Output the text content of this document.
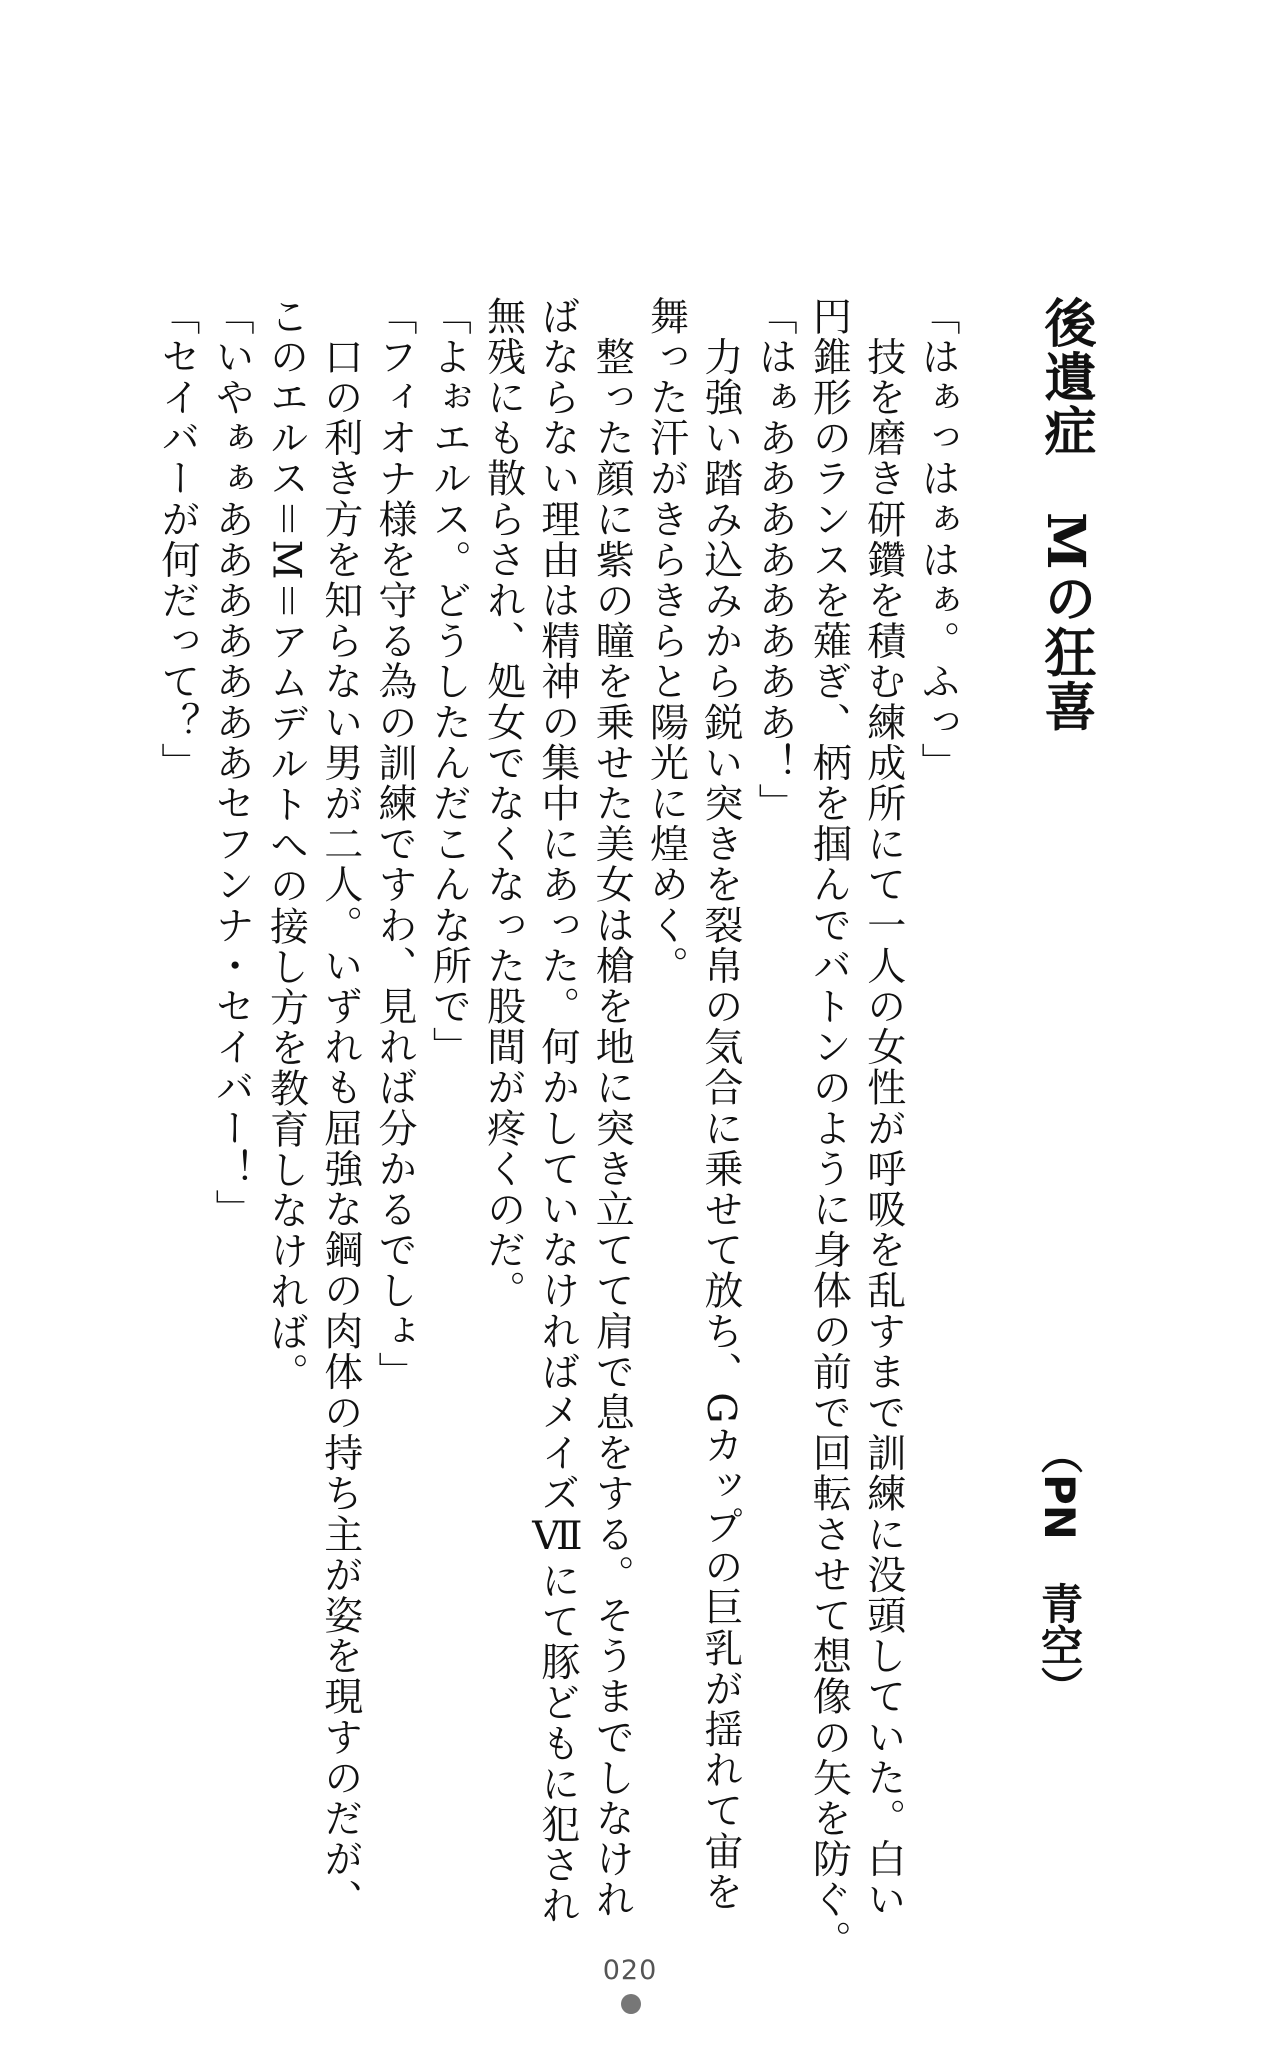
後遺症　Mの狂喜
（PN　青空）
「はぁっはぁはぁ。ふっ」
　技を磨き研鑽を積む練成所にて一人の女性が呼吸を乱すまで訓練に没頭していた。白い
円錐形のランスを薙ぎ、柄を掴んでバトンのように身体の前で回転させて想像の矢を防ぐ。
「はぁああああああああ！」
　力強い踏み込みから鋭い突きを裂帛の気合に乗せて放ち、Gカップの巨乳が揺れて宙を
舞った汗がきらきらと陽光に煌めく。
　整った顔に紫の瞳を乗せた美女は槍を地に突き立てて肩で息をする。そうまでしなけれ
ばならない理由は精神の集中にあった。何かしていなければメイズⅦにて豚どもに犯され
無残にも散らされ、処女でなくなった股間が疼くのだ。
「よぉエルス。どうしたんだこんな所で」
「フィオナ様を守る為の訓練ですわ、見れば分かるでしょ」
　口の利き方を知らない男が二人。いずれも屈強な鋼の肉体の持ち主が姿を現すのだが、
このエルス＝M＝アムデルトへの接し方を教育しなければ。
「いやぁぁあああああああセフンナ・セイバー！」
「セイバーが何だって？」
020
